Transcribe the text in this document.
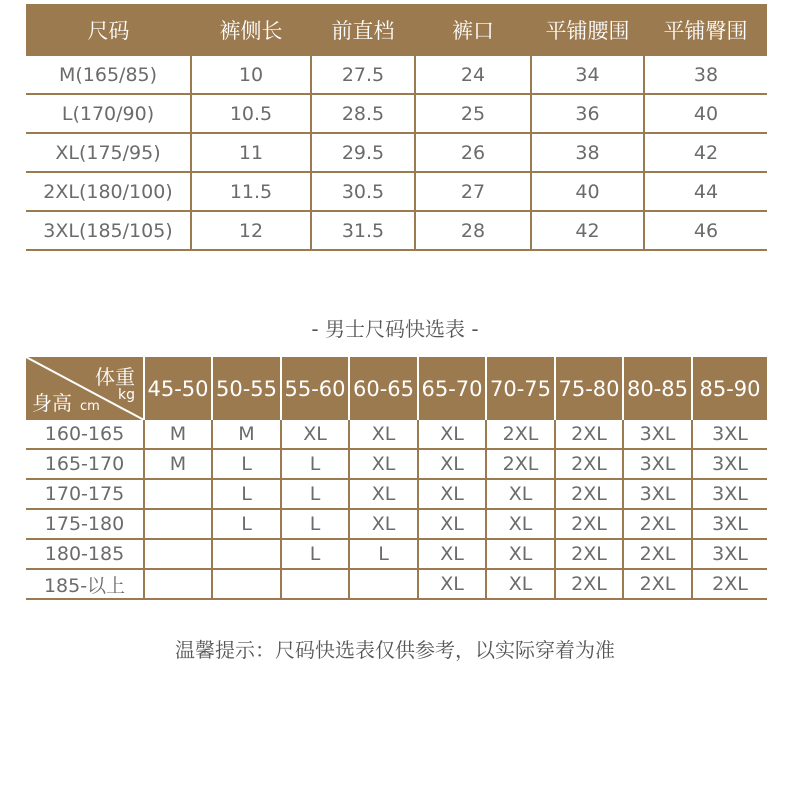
尺码	裤侧长	前直档	裤口	平铺腰围	平铺臀围
M(165/85)	10	27.5	24	34	38
L(170/90)	10.5	28.5	25	36	40
XL(175/95)	11	29.5	26	38	42
2XL(180/100)	11.5	30.5	27	40	44
3XL(185/105)	12	31.5	28	42	46
- 男士尺码快选表 -
体重
kg
身高 cm	45-50	50-55	55-60	60-65	65-70	70-75	75-80	80-85	85-90
160-165	M	M	XL	XL	XL	2XL	2XL	3XL	3XL
165-170	M	L	L	XL	XL	2XL	2XL	3XL	3XL
170-175		L	L	XL	XL	XL	2XL	3XL	3XL
175-180		L	L	XL	XL	XL	2XL	2XL	3XL
180-185			L	L	XL	XL	2XL	2XL	3XL
185-以上					XL	XL	2XL	2XL	2XL
温馨提示：尺码快选表仅供参考，以实际穿着为准
